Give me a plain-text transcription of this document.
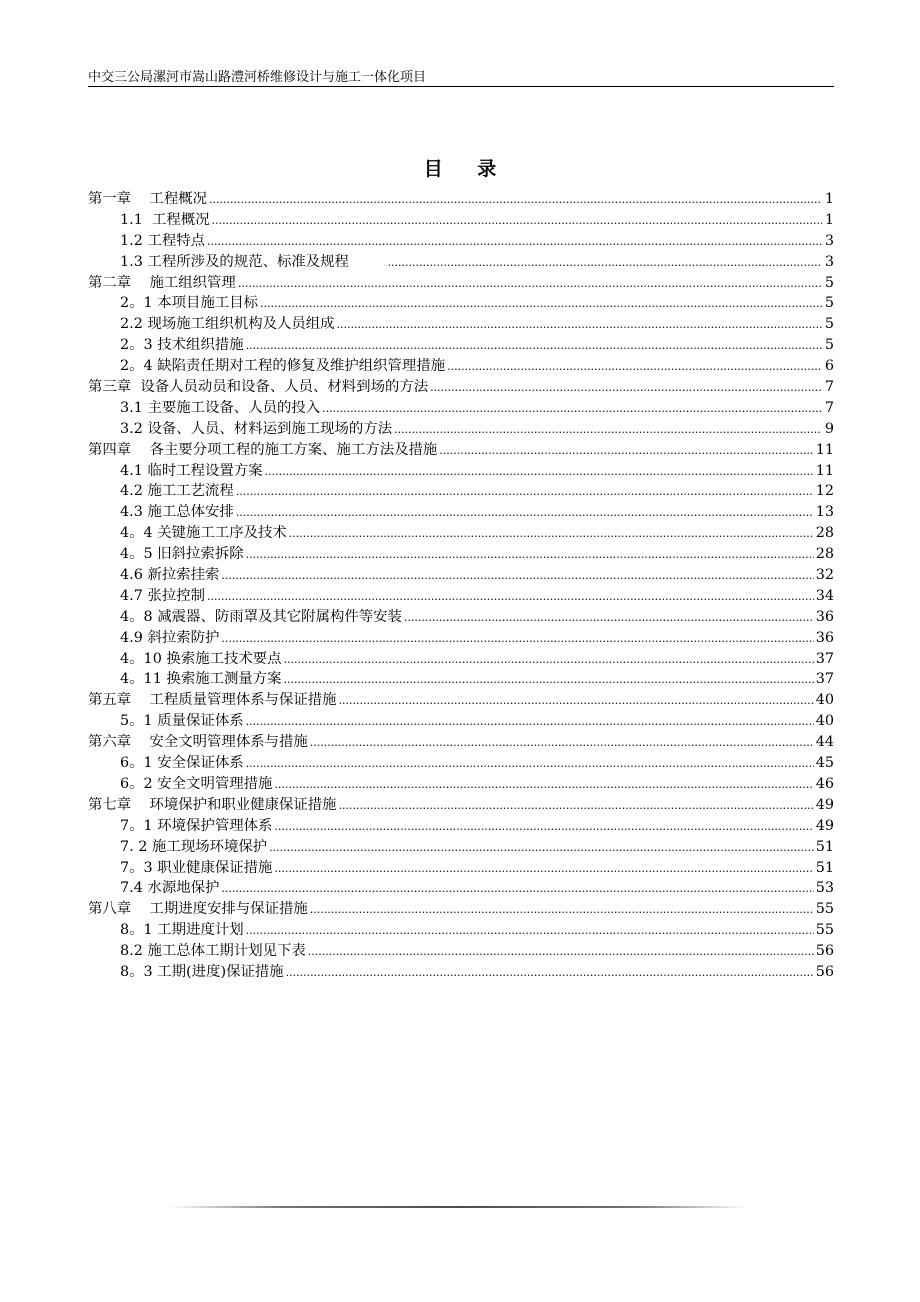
中交三公局漯河市嵩山路澧河桥维修设计与施工一体化项目
目 录
第一章    工程概况 .....	1
1.1  工程概况 .....	1
1.2 工程特点 .....	3
1.3 工程所涉及的规范、标准及规程 .....	3
第二章    施工组织管理 .....	5
2。1 本项目施工目标 .....	5
2.2 现场施工组织机构及人员组成 .....	5
2。3 技术组织措施 .....	5
2。4 缺陷责任期对工程的修复及维护组织管理措施 .....	6
第三章  设备人员动员和设备、人员、材料到场的方法 .....	7
3.1 主要施工设备、人员的投入 .....	7
3.2 设备、人员、材料运到施工现场的方法 .....	9
第四章    各主要分项工程的施工方案、施工方法及措施 .....	11
4.1 临时工程设置方案 .....	11
4.2 施工工艺流程 .....	12
4.3 施工总体安排 .....	13
4。4 关键施工工序及技术 .....	28
4。5 旧斜拉索拆除 .....	28
4.6 新拉索挂索 .....	32
4.7 张拉控制 .....	34
4。8 减震器、防雨罩及其它附属构件等安装 .....	36
4.9 斜拉索防护 .....	36
4。10 换索施工技术要点 .....	37
4。11 换索施工测量方案 .....	37
第五章    工程质量管理体系与保证措施 .....	40
5。1 质量保证体系 .....	40
第六章    安全文明管理体系与措施 .....	44
6。1 安全保证体系 .....	45
6。2 安全文明管理措施 .....	46
第七章    环境保护和职业健康保证措施 .....	49
7。1 环境保护管理体系 .....	49
7. 2 施工现场环境保护 .....	51
7。3 职业健康保证措施 .....	51
7.4 水源地保护 .....	53
第八章    工期进度安排与保证措施 .....	55
8。1 工期进度计划 .....	55
8.2 施工总体工期计划见下表 .....	56
8。3 工期(进度)保证措施 .....	56
